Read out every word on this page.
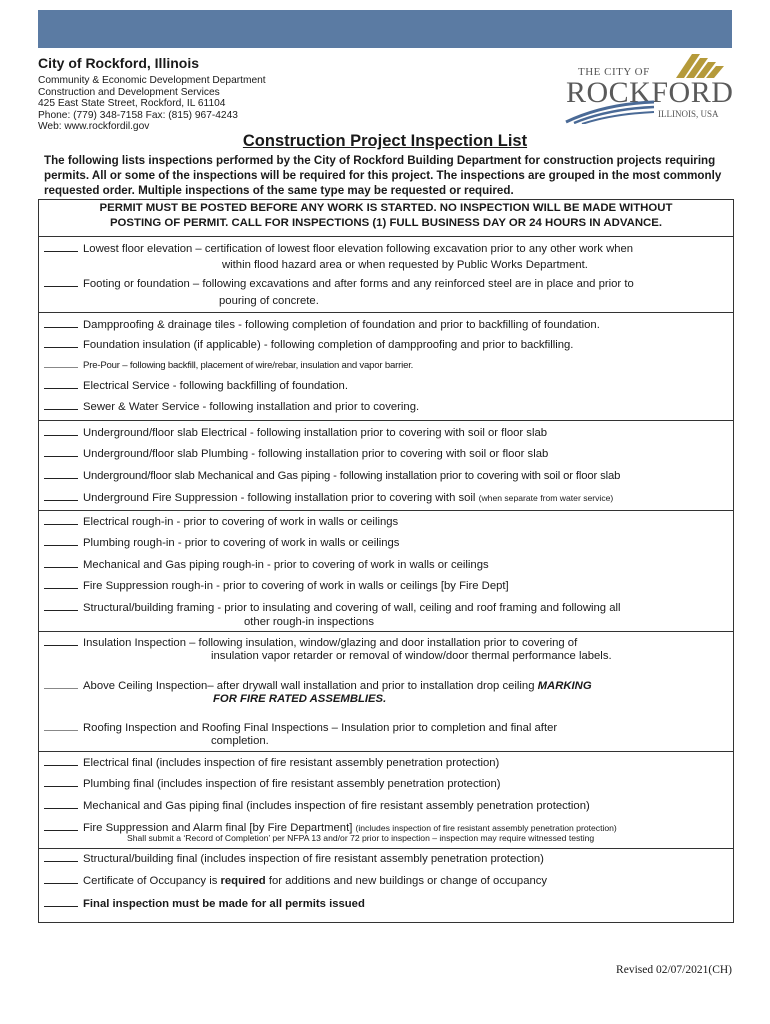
City of Rockford, Illinois
Community & Economic Development Department
Construction and Development Services
425 East State Street, Rockford, IL 61104
Phone: (779) 348-7158 Fax: (815) 967-4243
Web: www.rockfordil.gov
THE CITY OF
ROCKFORD
ILLINOIS, USA
Construction Project Inspection List
The following lists inspections performed by the City of Rockford Building Department for construction projects requiring permits. All or some of the inspections will be required for this project. The inspections are grouped in the most commonly requested order. Multiple inspections of the same type may be requested or required.
PERMIT MUST BE POSTED BEFORE ANY WORK IS STARTED. NO INSPECTION WILL BE MADE WITHOUT
POSTING OF PERMIT. CALL FOR INSPECTIONS (1) FULL BUSINESS DAY OR 24 HOURS IN ADVANCE.
Lowest floor elevation – certification of lowest floor elevation following excavation prior to any other work when
within flood hazard area or when requested by Public Works Department.
Footing or foundation – following excavations and after forms and any reinforced steel are in place and prior to
pouring of concrete.
Dampproofing & drainage tiles - following completion of foundation and prior to backfilling of foundation.
Foundation insulation (if applicable) - following completion of dampproofing and prior to backfilling.
Pre-Pour – following backfill, placement of wire/rebar, insulation and vapor barrier.
Electrical Service - following backfilling of foundation.
Sewer & Water Service - following installation and prior to covering.
Underground/floor slab Electrical - following installation prior to covering with soil or floor slab
Underground/floor slab Plumbing - following installation prior to covering with soil or floor slab
Underground/floor slab Mechanical and Gas piping - following installation prior to covering with soil or floor slab
Underground Fire Suppression - following installation prior to covering with soil (when separate from water service)
Electrical rough-in - prior to covering of work in walls or ceilings
Plumbing rough-in - prior to covering of work in walls or ceilings
Mechanical and Gas piping rough-in - prior to covering of work in walls or ceilings
Fire Suppression rough-in - prior to covering of work in walls or ceilings [by Fire Dept]
Structural/building framing - prior to insulating and covering of wall, ceiling and roof framing and following all
other rough-in inspections
Insulation Inspection – following insulation, window/glazing and door installation prior to covering of
insulation vapor retarder or removal of window/door thermal performance labels.
Above Ceiling Inspection– after drywall wall installation and prior to installation drop ceiling MARKING
FOR FIRE RATED ASSEMBLIES.
Roofing Inspection and Roofing Final Inspections – Insulation prior to completion and final after
completion.
Electrical final (includes inspection of fire resistant assembly penetration protection)
Plumbing final (includes inspection of fire resistant assembly penetration protection)
Mechanical and Gas piping final (includes inspection of fire resistant assembly penetration protection)
Fire Suppression and Alarm final [by Fire Department] (includes inspection of fire resistant assembly penetration protection)
Shall submit a ‘Record of Completion’ per NFPA 13 and/or 72 prior to inspection – inspection may require witnessed testing
Structural/building final (includes inspection of fire resistant assembly penetration protection)
Certificate of Occupancy is required for additions and new buildings or change of occupancy
Final inspection must be made for all permits issued
Revised 02/07/2021(CH)
